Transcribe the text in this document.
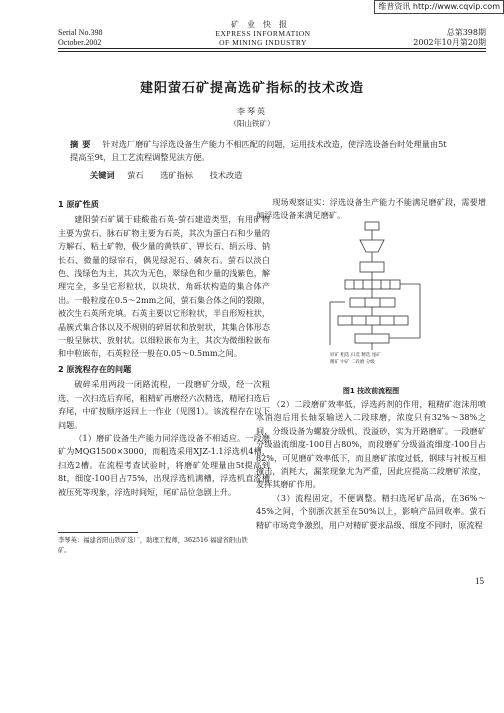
维普资讯 http://www.cqvip.com
Serial No.398
October.2002
矿业快报
EXPRESS INFORMATION
OF MINING INDUSTRY
总第398期
2002年10月第20期
建阳萤石矿提高选矿指标的技术改造
李琴英
（阳山铁矿）
摘要 针对选厂磨矿与浮选设备生产能力不相匹配的问题，运用技术改造，使浮选设备台时处理量由5t提高至9t，且工艺流程调整见法方便。
关键词 萤石 选矿指标 技术改造

1 原矿性质

建阳萤石矿属于硅酸盐石英-萤石建造类型，有用矿物主要为萤石，脉石矿物主要为石英，其次为蛋白石和少量的方解石、粘土矿物，极少量的黄铁矿、钾长石、绢云母、钠长石、微量的绿帘石，偶见绿泥石、磷灰石。萤石以淡白色、浅绿色为主，其次为无色，翠绿色和少量的浅紫色，解理完全，多呈它形粒状，以块状、角砾状构造的集合体产出。一般粒度在0.5～2mm之间，萤石集合体之间的裂隙，被次生石英所充填。石英主要以它形粒状，半自形短柱状，晶簇式集合体以及不规则的碎屑状和放射状，其集合体形态一般呈脉状、放射状。以细粒嵌布为主，其次为微细粒嵌布和中粒嵌布，石英粒径一般在0.05～0.5mm之间。

2 原流程存在的问题

破碎采用两段一闭路流程，一段磨矿分级，经一次粗选、一次扫选后弃尾，粗精矿再磨经六次精选，精尾扫选后弃尾，中矿按顺序返回上一作业（见图1）。该流程存在以下问题。

（1）磨矿设备生产能力同浮选设备不相适应。一段磨矿为MQG1500×3000，而粗选采用XJZ-1.1浮选机4槽，扫选2槽。在流程考查试验时，将磨矿处理量由5t提高到8t，细度-100目占75%，出现浮选机满槽，浮选机直流槽被压死等现象，浮选时间短，尾矿品位急剧上升。

现场观察证实：浮选设备生产能力不能满足磨矿段，需要增加浮选设备来满足磨矿。

原矿 粗选 扫选 精选 尾矿
精矿 中矿 二段磨 分级
图1 技改前流程图

（2）二段磨矿效率低，浮选药剂的作用，粗精矿泡沫用喷水消泡后用长轴泵输送入二段球磨，浓度只有32%～38%之间，分级设备为螺旋分级机，没溢砂，实为开路磨矿。一段磨矿分级溢流细度-100目占80%，而段磨矿分级溢流细度-100目占82%，可见磨矿效率低下，而且磨矿浓度过低，钢球与衬板互相撞击，消耗大，漏浆现象尤为严重，因此应提高二段磨矿浓度，发挥其磨矿作用。

（3）流程固定，不便调整。精扫选尾矿品高，在36%～45%之间，个别浙次甚至在50%以上，影响产品回收率。萤石精矿市场竞争激烈，用户对精矿要求品级、细度不同时，原流程

李琴英：福建省阳山铁矿选厂，助理工程师，362516 福建省阳山铁矿。
15
